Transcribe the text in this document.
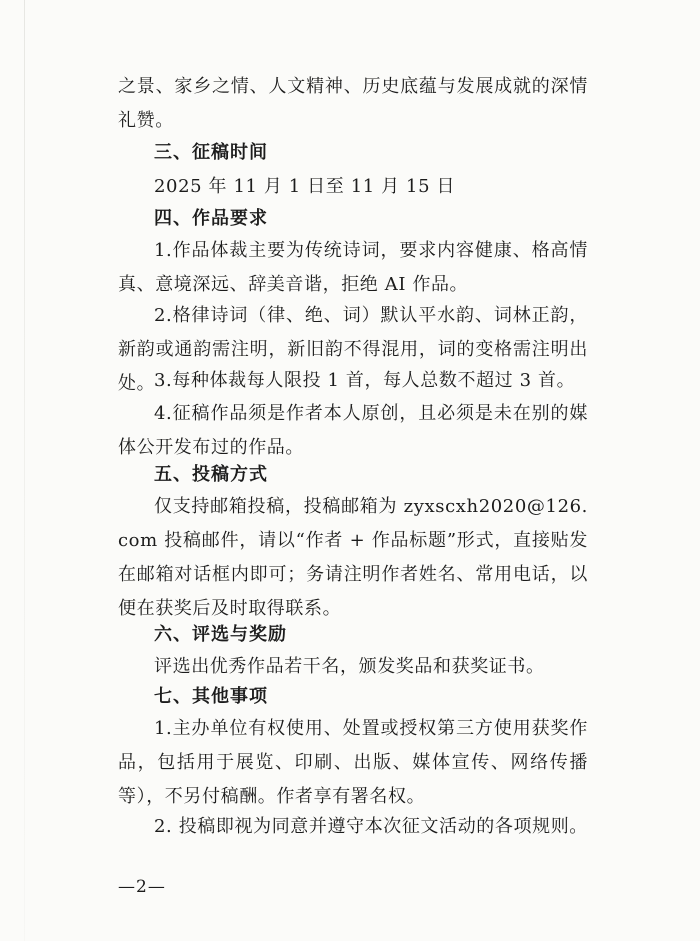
之景、家乡之情、人文精神、历史底蕴与发展成就的深情礼赞。

三、征稿时间

2025 年 11 月 1 日至 11 月 15 日

四、作品要求

1.作品体裁主要为传统诗词，要求内容健康、格高情真、意境深远、辞美音谐，拒绝 AI 作品。

2.格律诗词（律、绝、词）默认平水韵、词林正韵，新韵或通韵需注明，新旧韵不得混用，词的变格需注明出处。

3.每种体裁每人限投 1 首，每人总数不超过 3 首。

4.征稿作品须是作者本人原创，且必须是未在别的媒体公开发布过的作品。

五、投稿方式

仅支持邮箱投稿，投稿邮箱为 zyxscxh2020@126.com 投稿邮件，请以“作者 + 作品标题”形式，直接贴发在邮箱对话框内即可；务请注明作者姓名、常用电话，以便在获奖后及时取得联系。

六、评选与奖励

评选出优秀作品若干名，颁发奖品和获奖证书。

七、其他事项

1.主办单位有权使用、处置或授权第三方使用获奖作品，包括用于展览、印刷、出版、媒体宣传、网络传播等），不另付稿酬。作者享有署名权。

2. 投稿即视为同意并遵守本次征文活动的各项规则。

—2—
